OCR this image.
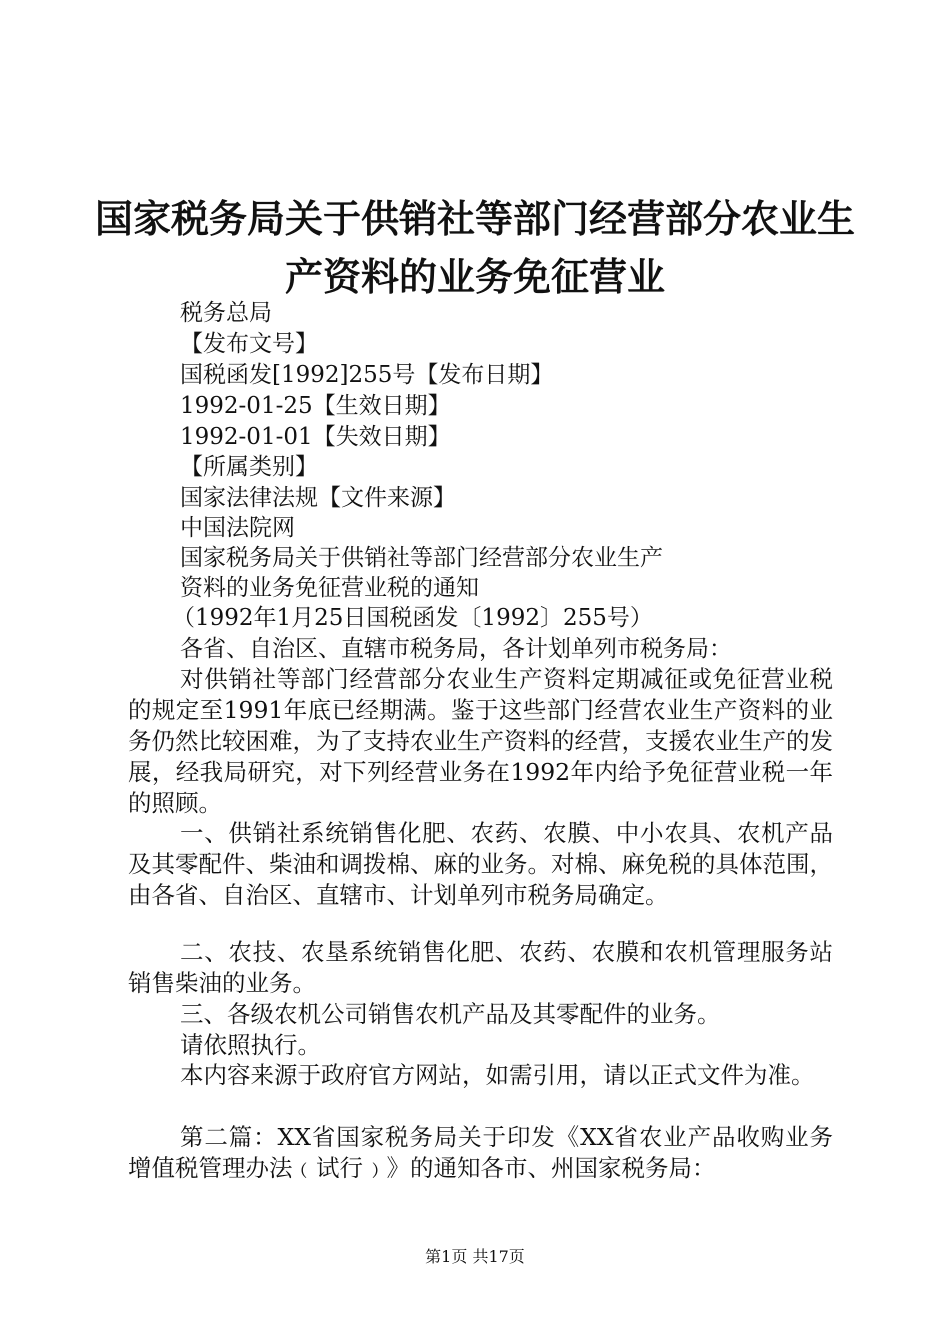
国家税务局关于供销社等部门经营部分农业生
产资料的业务免征营业
税务总局
【发布文号】
国税函发[1992]255号【发布日期】
1992-01-25【生效日期】
1992-01-01【失效日期】
【所属类别】
国家法律法规【文件来源】
中国法院网
国家税务局关于供销社等部门经营部分农业生产
资料的业务免征营业税的通知
（1992年1月25日国税函发〔1992〕255号）
各省、自治区、直辖市税务局，各计划单列市税务局：

对供销社等部门经营部分农业生产资料定期减征或免征营业税的规定至1991年底已经期满。鉴于这些部门经营农业生产资料的业务仍然比较困难，为了支持农业生产资料的经营，支援农业生产的发展，经我局研究，对下列经营业务在1992年内给予免征营业税一年的照顾。

一、供销社系统销售化肥、农药、农膜、中小农具、农机产品及其零配件、柴油和调拨棉、麻的业务。对棉、麻免税的具体范围，由各省、自治区、直辖市、计划单列市税务局确定。

二、农技、农垦系统销售化肥、农药、农膜和农机管理服务站销售柴油的业务。

三、各级农机公司销售农机产品及其零配件的业务。

请依照执行。

本内容来源于政府官方网站，如需引用，请以正式文件为准。

第二篇：XX省国家税务局关于印发《XX省农业产品收购业务增值税管理办法﹙试行﹚》的通知各市、州国家税务局：

第1页 共17页
